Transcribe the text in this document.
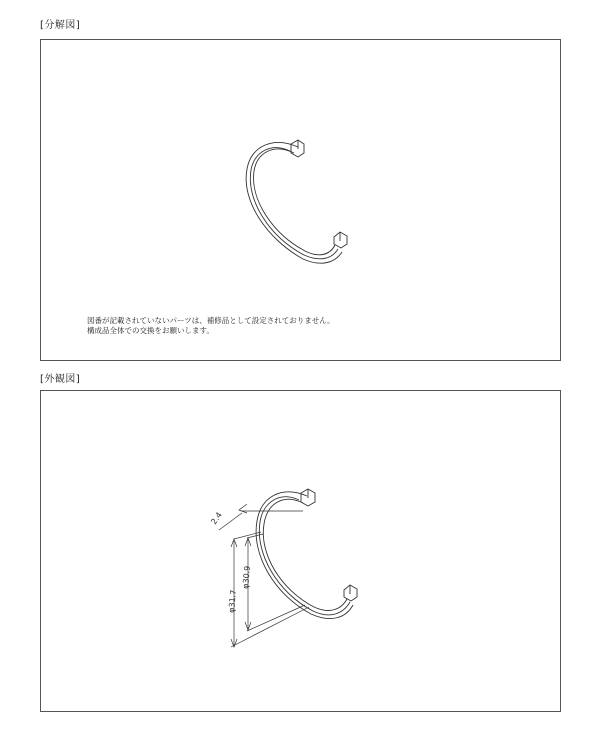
[分解図]
図番が記載されていないパーツは、補修品として設定されておりません。
構成品全体での交換をお願いします。
[外観図]
2.4
φ31.7
φ30.9
